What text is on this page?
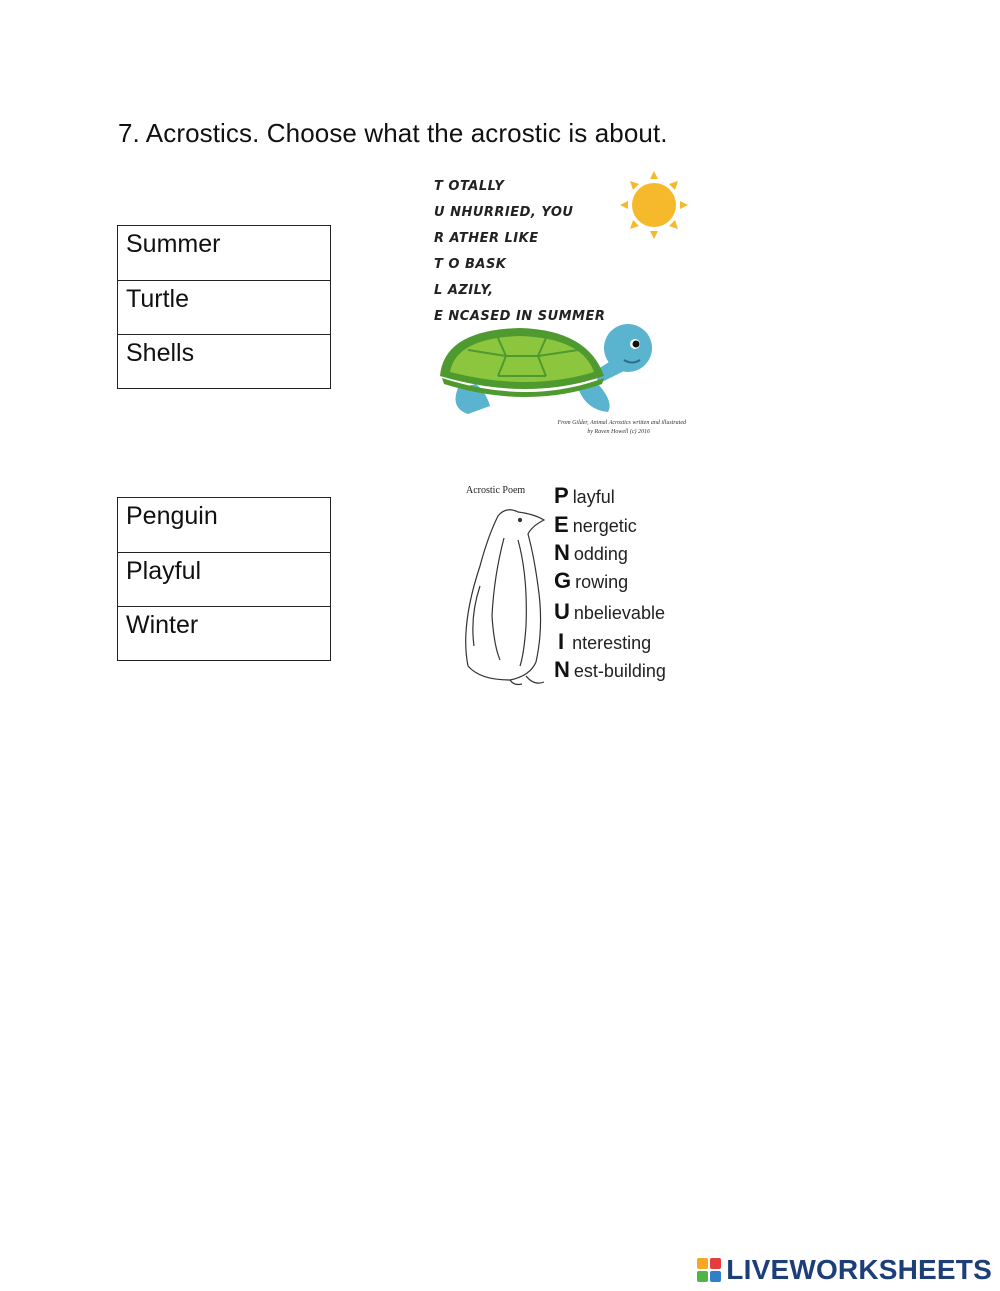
7. Acrostics. Choose what the acrostic is about.
Summer
Turtle
Shells
T OTALLY
U NHURRIED, YOU
R ATHER LIKE
T O BASK
L AZILY,
E NCASED IN SUMMER
From Gilder, Animal Acrostics written and illustrated
by Raven Howell (c) 2016
Penguin
Playful
Winter
Acrostic Poem P layful
E nergetic
N odding
G rowing
U nbelievable
I nteresting
N est-building
LIVEWORKSHEETS
